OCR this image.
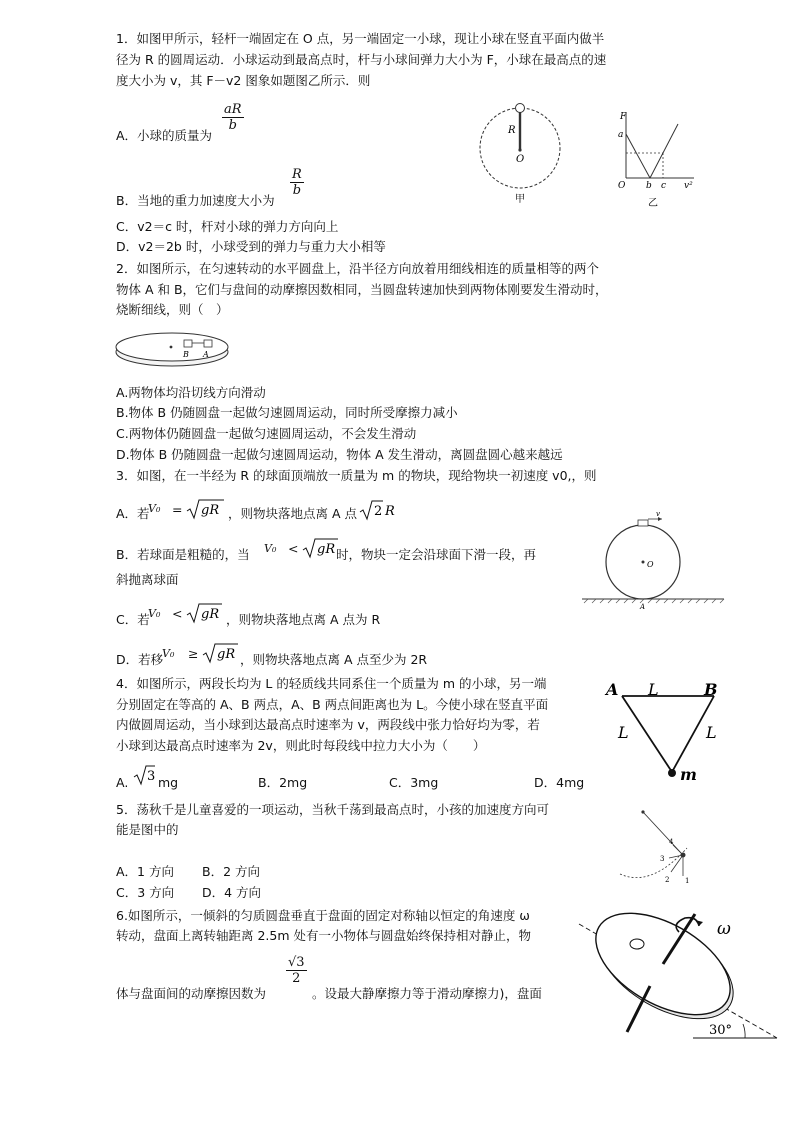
1．如图甲所示，轻杆一端固定在 O 点，另一端固定一小球，现让小球在竖直平面内做半
径为 R 的圆周运动．小球运动到最高点时，杆与小球间弹力大小为 F，小球在最高点的速
度大小为 v，其 F－v2 图象如题图乙所示．则
A．小球的质量为
$\frac{aR}{b}$
B．当地的重力加速度大小为
$\frac{R}{b}$
C．v2＝c 时，杆对小球的弹力方向向上
D．v2＝2b 时，小球受到的弹力与重力大小相等
R
O
甲
F
a
O b c v²
乙
2．如图所示，在匀速转动的水平圆盘上，沿半径方向放着用细线相连的质量相等的两个
物体 A 和 B，它们与盘间的动摩擦因数相同，当圆盘转速加快到两物体刚要发生滑动时，
烧断细线，则（　）
B A
A.两物体均沿切线方向滑动
B.物体 B 仍随圆盘一起做匀速圆周运动，同时所受摩擦力减小
C.两物体仍随圆盘一起做匀速圆周运动，不会发生滑动
D.物体 B 仍随圆盘一起做匀速圆周运动，物体 A 发生滑动，离圆盘圆心越来越远
3．如图，在一半经为 R 的球面顶端放一质量为 m 的物块，现给物块一初速度 v0,，则
A．若
V₀ = gR ，则物块落地点离 A 点 2 R
B．若球面是粗糙的，当 V₀ < gR 时，物块一定会沿球面下滑一段，再
斜抛离球面
C．若
V₀ < gR ，则物块落地点离 A 点为 R
D．若移
V₀ ≥ gR ，则物块落地点离 A 点至少为 2R
v
O
A
4．如图所示，两段长均为 L 的轻质线共同系住一个质量为 m 的小球，另一端
分别固定在等高的 A、B 两点，A、B 两点间距离也为 L。今使小球在竖直平面
内做圆周运动，当小球到达最高点时速率为 v，两段线中张力恰好均为零，若
小球到达最高点时速率为 2v，则此时每段线中拉力大小为（　　）
A. 3 mg	B．2mg	C．3mg	D．4mg
A L	B
L	L
m
5．荡秋千是儿童喜爱的一项运动，当秋千荡到最高点时，小孩的加速度方向可
能是图中的
A．1 方向 B．2 方向
C．3 方向 D．4 方向
1
2
3
4
6.如图所示，一倾斜的匀质圆盘垂直于盘面的固定对称轴以恒定的角速度 ω
转动，盘面上离转轴距离 2.5m 处有一小物体与圆盘始终保持相对静止，物
体与盘面间的动摩擦因数为
$\frac{√3}{2}$
。设最大静摩擦力等于滑动摩擦力)，盘面
ω
30°
